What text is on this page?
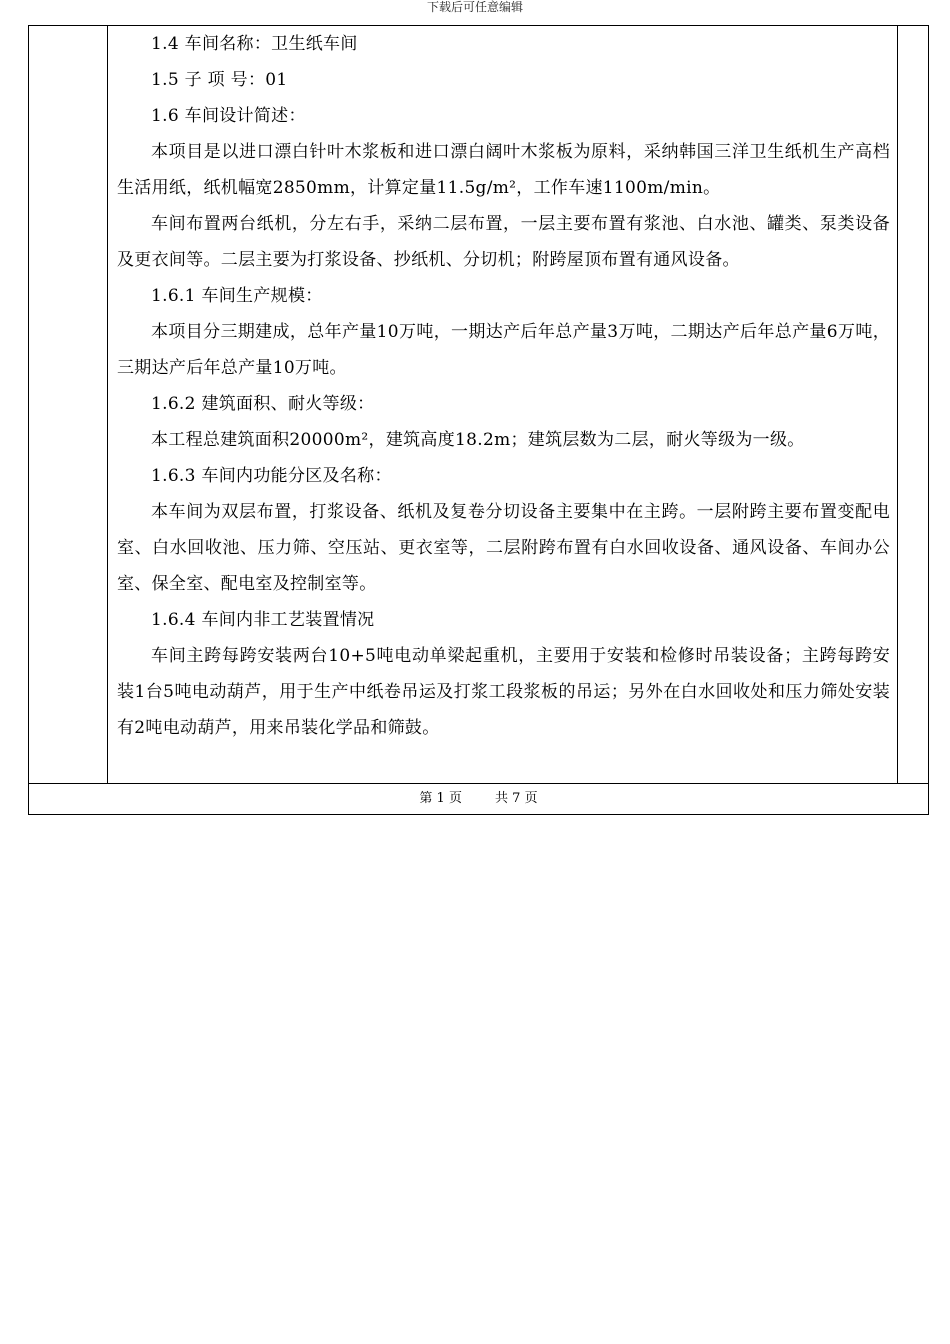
下载后可任意编辑

1.4 车间名称：卫生纸车间

1.5 子 项 号：01

1.6 车间设计简述：

本项目是以进口漂白针叶木浆板和进口漂白阔叶木浆板为原料，采纳韩国三洋卫生纸机生产高档生活用纸，纸机幅宽2850mm，计算定量11.5g/m²，工作车速1100m/min。

车间布置两台纸机，分左右手，采纳二层布置，一层主要布置有浆池、白水池、罐类、泵类设备及更衣间等。二层主要为打浆设备、抄纸机、分切机；附跨屋顶布置有通风设备。

1.6.1 车间生产规模：

本项目分三期建成，总年产量10万吨，一期达产后年总产量3万吨，二期达产后年总产量6万吨，三期达产后年总产量10万吨。

1.6.2 建筑面积、耐火等级：

本工程总建筑面积20000m²，建筑高度18.2m；建筑层数为二层，耐火等级为一级。

1.6.3 车间内功能分区及名称：

本车间为双层布置，打浆设备、纸机及复卷分切设备主要集中在主跨。一层附跨主要布置变配电室、白水回收池、压力筛、空压站、更衣室等，二层附跨布置有白水回收设备、通风设备、车间办公室、保全室、配电室及控制室等。

1.6.4 车间内非工艺装置情况

车间主跨每跨安装两台10+5吨电动单梁起重机，主要用于安装和检修时吊装设备；主跨每跨安装1台5吨电动葫芦，用于生产中纸卷吊运及打浆工段浆板的吊运；另外在白水回收处和压力筛处安装有2吨电动葫芦，用来吊装化学品和筛鼓。

第 1 页	共 7 页
